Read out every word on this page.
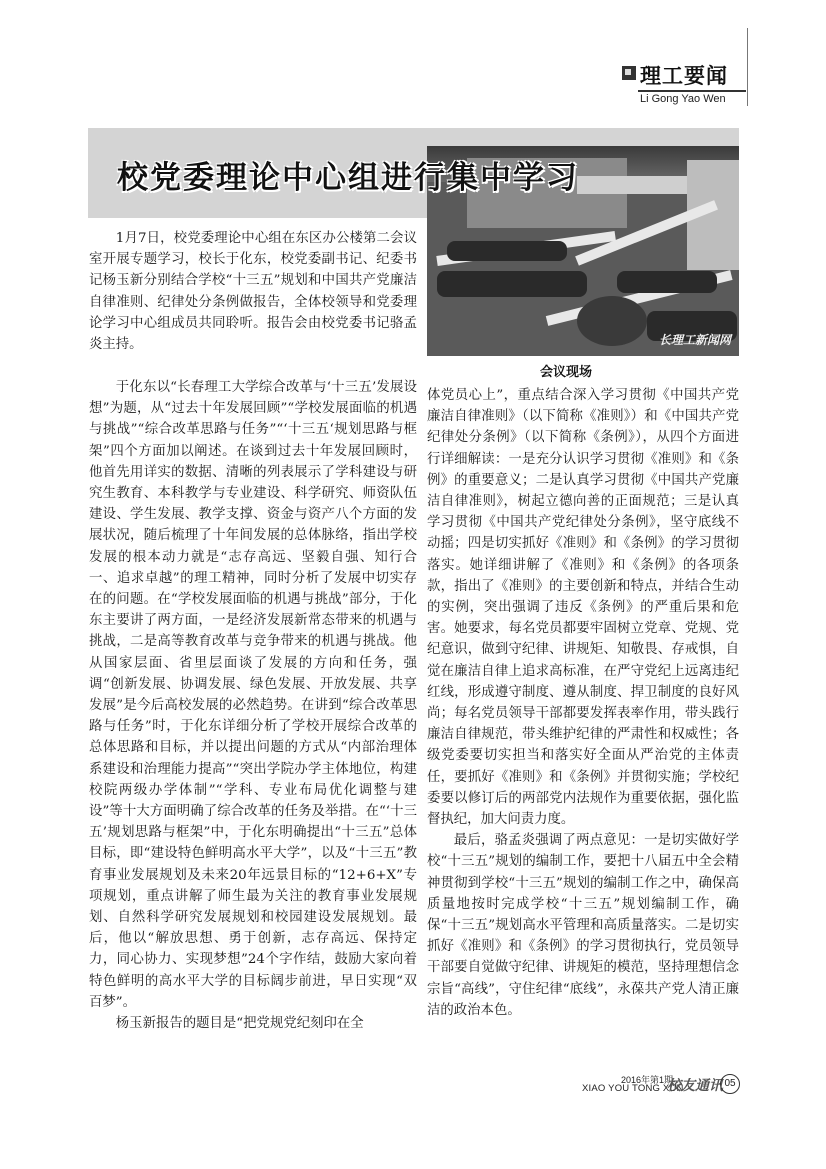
理工要闻
Li Gong Yao Wen
长理工新闻网
校党委理论中心组进行集中学习
会议现场

1月7日，校党委理论中心组在东区办公楼第二会议室开展专题学习，校长于化东，校党委副书记、纪委书记杨玉新分别结合学校“十三五”规划和中国共产党廉洁自律准则、纪律处分条例做报告，全体校领导和党委理论学习中心组成员共同聆听。报告会由校党委书记骆孟炎主持。

于化东以“长春理工大学综合改革与‘十三五’发展设想”为题，从“过去十年发展回顾”“学校发展面临的机遇与挑战”“综合改革思路与任务”“‘十三五‘规划思路与框架”四个方面加以阐述。在谈到过去十年发展回顾时，他首先用详实的数据、清晰的列表展示了学科建设与研究生教育、本科教学与专业建设、科学研究、师资队伍建设、学生发展、教学支撑、资金与资产八个方面的发展状况，随后梳理了十年间发展的总体脉络，指出学校发展的根本动力就是“志存高远、坚毅自强、知行合一、追求卓越”的理工精神，同时分析了发展中切实存在的问题。在“学校发展面临的机遇与挑战”部分，于化东主要讲了两方面，一是经济发展新常态带来的机遇与挑战，二是高等教育改革与竞争带来的机遇与挑战。他从国家层面、省里层面谈了发展的方向和任务，强调“创新发展、协调发展、绿色发展、开放发展、共享发展”是今后高校发展的必然趋势。在讲到“综合改革思路与任务”时，于化东详细分析了学校开展综合改革的总体思路和目标，并以提出问题的方式从“内部治理体系建设和治理能力提高”“突出学院办学主体地位，构建校院两级办学体制”“学科、专业布局优化调整与建设”等十大方面明确了综合改革的任务及举措。在“‘十三五’规划思路与框架”中，于化东明确提出“十三五”总体目标，即“建设特色鲜明高水平大学”，以及“十三五”教育事业发展规划及未来20年远景目标的“12+6+X”专项规划，重点讲解了师生最为关注的教育事业发展规划、自然科学研究发展规划和校园建设发展规划。最后，他以“解放思想、勇于创新，志存高远、保持定力，同心协力、实现梦想”24个字作结，鼓励大家向着特色鲜明的高水平大学的目标阔步前进，早日实现“双百梦”。

杨玉新报告的题目是“把党规党纪刻印在全

体党员心上”，重点结合深入学习贯彻《中国共产党廉洁自律准则》（以下简称《准则》）和《中国共产党纪律处分条例》（以下简称《条例》），从四个方面进行详细解读：一是充分认识学习贯彻《准则》和《条例》的重要意义；二是认真学习贯彻《中国共产党廉洁自律准则》，树起立德向善的正面规范；三是认真学习贯彻《中国共产党纪律处分条例》，坚守底线不动摇；四是切实抓好《准则》和《条例》的学习贯彻落实。她详细讲解了《准则》和《条例》的各项条款，指出了《准则》的主要创新和特点，并结合生动的实例，突出强调了违反《条例》的严重后果和危害。她要求，每名党员都要牢固树立党章、党规、党纪意识，做到守纪律、讲规矩、知敬畏、存戒惧，自觉在廉洁自律上追求高标准，在严守党纪上远离违纪红线，形成遵守制度、遵从制度、捍卫制度的良好风尚；每名党员领导干部都要发挥表率作用，带头践行廉洁自律规范，带头维护纪律的严肃性和权威性；各级党委要切实担当和落实好全面从严治党的主体责任，要抓好《准则》和《条例》并贯彻实施；学校纪委要以修订后的两部党内法规作为重要依据，强化监督执纪，加大问责力度。

最后，骆孟炎强调了两点意见：一是切实做好学校“十三五”规划的编制工作，要把十八届五中全会精神贯彻到学校“十三五”规划的编制工作之中，确保高质量地按时完成学校“十三五”规划编制工作，确保“十三五”规划高水平管理和高质量落实。二是切实抓好《准则》和《条例》的学习贯彻执行，党员领导干部要自觉做守纪律、讲规矩的模范，坚持理想信念宗旨“高线”，守住纪律“底线”，永葆共产党人清正廉洁的政治本色。

2016年第1期
XIAO YOU TONG XUN
校友通讯 05
